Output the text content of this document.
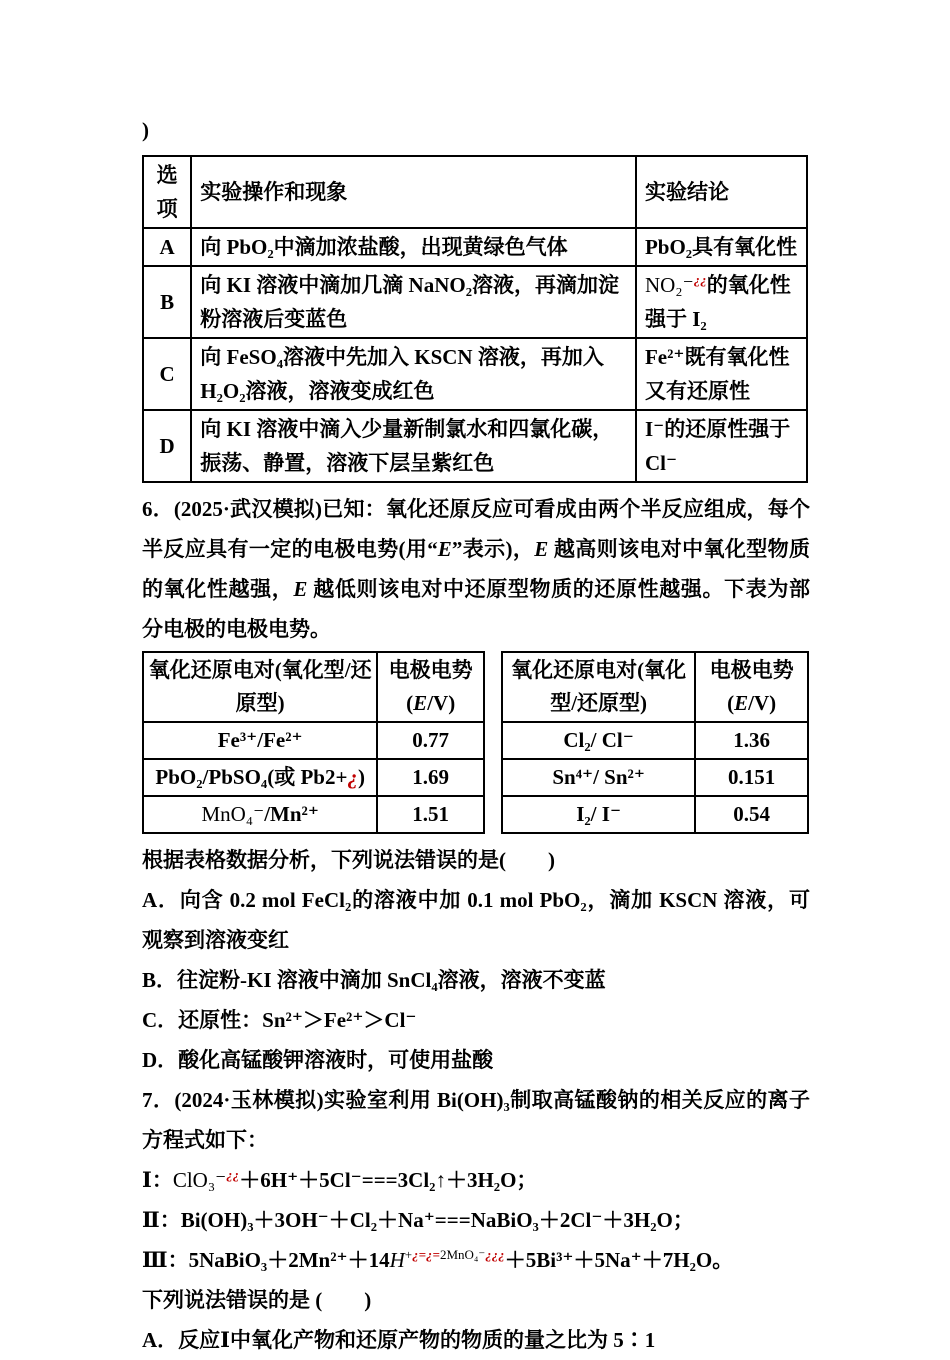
)

选项	实验操作和现象	实验结论
A	向 PbO₂中滴加浓盐酸，出现黄绿色气体	PbO₂具有氧化性
B	向 KI 溶液中滴加几滴 NaNO₂溶液，再滴加淀粉溶液后变蓝色	NO₂⁻¿¿的氧化性强于 I₂
C	向 FeSO₄溶液中先加入 KSCN 溶液，再加入 H₂O₂溶液，溶液变成红色	Fe²⁺既有氧化性又有还原性
D	向 KI 溶液中滴入少量新制氯水和四氯化碳，振荡、静置，溶液下层呈紫红色	I⁻的还原性强于 Cl⁻

6．(2025·武汉模拟)已知：氧化还原反应可看成由两个半反应组成，每个半反应具有一定的电极电势(用“E”表示)，E 越高则该电对中氧化型物质的氧化性越强，E 越低则该电对中还原型物质的还原性越强。下表为部分电极的电极电势。

氧化还原电对(氧化型/还原型)	电极电势(E/V)
Fe³⁺/Fe²⁺	0.77
PbO₂/PbSO₄(或 Pb2+¿)	1.69
MnO₄⁻/Mn²⁺	1.51
氧化还原电对(氧化型/还原型)	电极电势(E/V)
Cl₂/ Cl⁻	1.36
Sn⁴⁺/ Sn²⁺	0.151
I₂/ I⁻	0.54

根据表格数据分析，下列说法错误的是(　　)

A．向含 0.2 mol FeCl₂的溶液中加 0.1 mol PbO₂，滴加 KSCN 溶液，可观察到溶液变红

B．往淀粉-KI 溶液中滴加 SnCl₄溶液，溶液不变蓝

C．还原性：Sn²⁺＞Fe²⁺＞Cl⁻

D．酸化高锰酸钾溶液时，可使用盐酸

7．(2024·玉林模拟)实验室利用 Bi(OH)₃制取高锰酸钠的相关反应的离子方程式如下：

Ⅰ：ClO₃⁻¿¿＋6H⁺＋5Cl⁻===3Cl₂↑＋3H₂O；

Ⅱ：Bi(OH)₃＋3OH⁻＋Cl₂＋Na⁺===NaBiO₃＋2Cl⁻＋3H₂O；

Ⅲ：$5NaBiO_3+2Mn^{2+}+14H^{+¿=¿=2MnO_4^-¿¿¿}+5Bi^{3+}+5Na^++7H_2O$。

下列说法错误的是 (　　)

A．反应Ⅰ中氧化产物和还原产物的物质的量之比为 5∶1
